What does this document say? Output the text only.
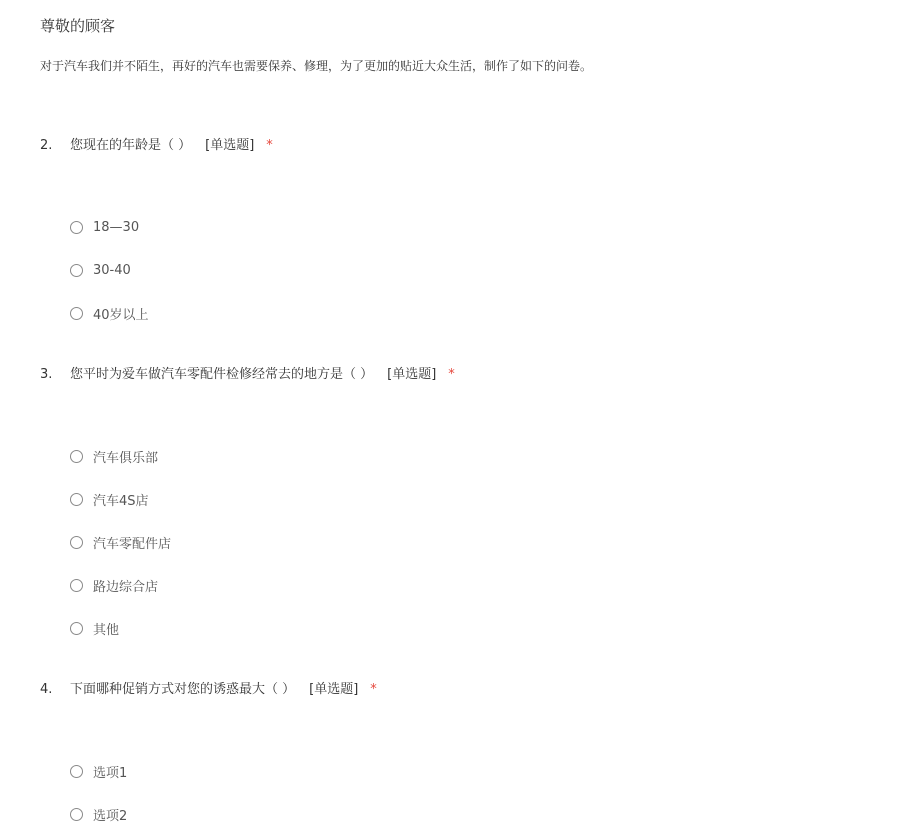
尊敬的顾客

对于汽车我们并不陌生，再好的汽车也需要保养、修理，为了更加的贴近大众生活，制作了如下的问卷。

2.	您现在的年龄是（ ） [单选题] *
18—30
30-40
40岁以上
3.	您平时为爱车做汽车零配件检修经常去的地方是（ ） [单选题] *
汽车俱乐部
汽车4S店
汽车零配件店
路边综合店
其他
4.	下面哪种促销方式对您的诱惑最大（ ） [单选题] *
选项1
选项2
